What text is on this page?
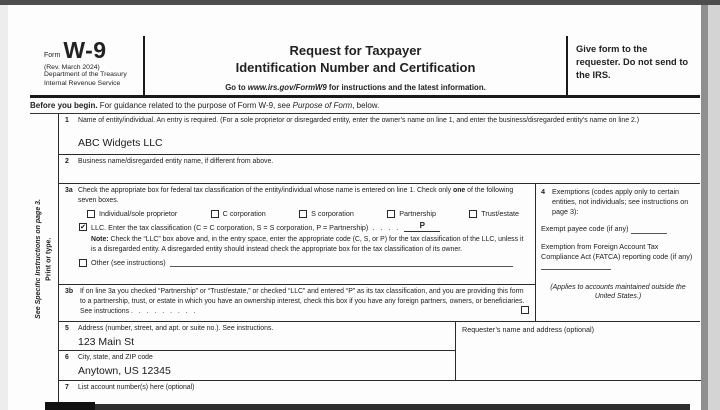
Form W-9
(Rev. March 2024)
Department of the Treasury
Internal Revenue Service
Request for Taxpayer
Identification Number and Certification
Go to www.irs.gov/FormW9 for instructions and the latest information.
Give form to the requester. Do not send to the IRS.
Before you begin. For guidance related to the purpose of Form W-9, see Purpose of Form, below.
Print or type.
See Specific Instructions on page 3.
1	Name of entity/individual. An entry is required. (For a sole proprietor or disregarded entity, enter the owner’s name on line 1, and enter the business/disregarded entity’s name on line 2.)
ABC Widgets LLC
2	Business name/disregarded entity name, if different from above.
3a Check the appropriate box for federal tax classification of the entity/individual whose name is entered on line 1. Check only one of the following seven boxes.
Individual/sole proprietor	C corporation	S corporation	Partnership	Trust/estate
✔ LLC. Enter the tax classification (C = C corporation, S = S corporation, P = Partnership) . . . .	P
Note: Check the “LLC” box above and, in the entry space, enter the appropriate code (C, S, or P) for the tax classification of the LLC, unless it is a disregarded entity. A disregarded entity should instead check the appropriate box for the tax classification of its owner.
Other (see instructions)
3b	If on line 3a you checked “Partnership” or “Trust/estate,” or checked “LLC” and entered “P” as its tax classification, and you are providing this form to a partnership, trust, or estate in which you have an ownership interest, check this box if you have any foreign partners, owners, or beneficiaries. See instructions . . . . . . . . .
4 Exemptions (codes apply only to certain entities, not individuals; see instructions on page 3):
Exempt payee code (if any)
Exemption from Foreign Account Tax Compliance Act (FATCA) reporting code (if any)
(Applies to accounts maintained outside the United States.)
5	Address (number, street, and apt. or suite no.). See instructions.
123 Main St
Requester’s name and address (optional)
6	City, state, and ZIP code
Anytown, US 12345
7	List account number(s) here (optional)
